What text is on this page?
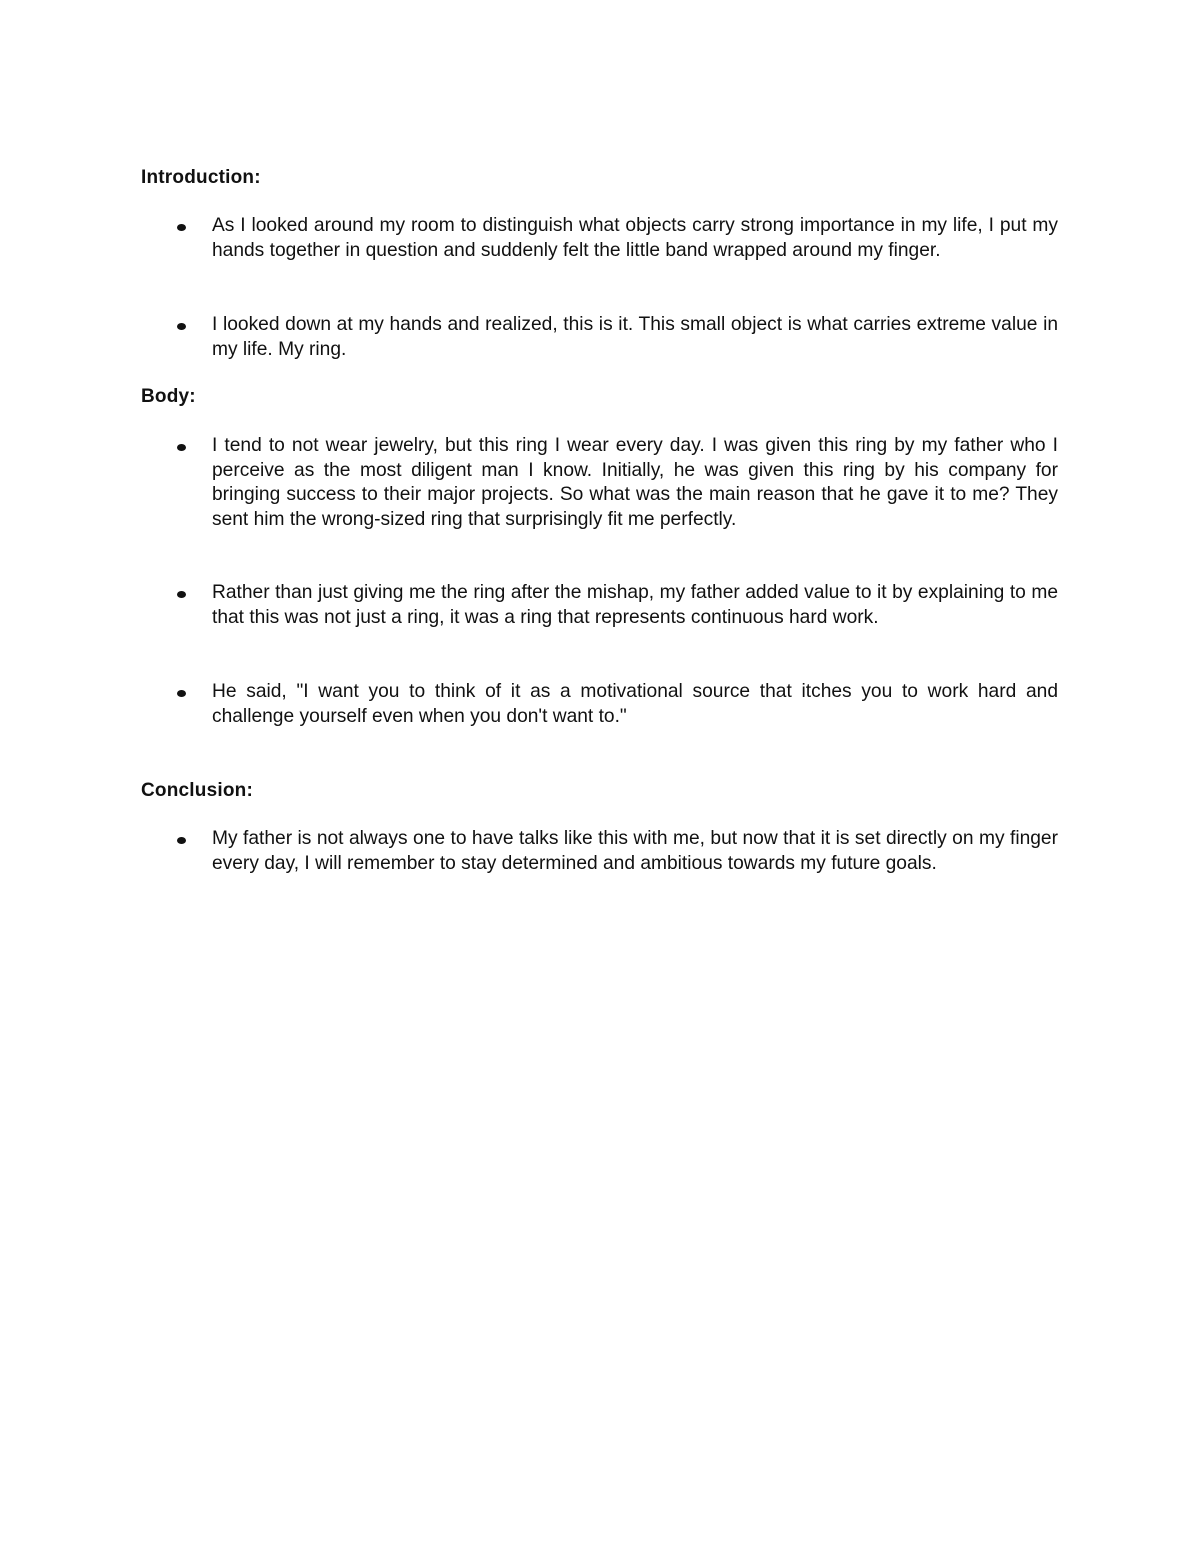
Introduction:

As I looked around my room to distinguish what objects carry strong importance in my life, I put my hands together in question and suddenly felt the little band wrapped around my finger.

I looked down at my hands and realized, this is it. This small object is what carries extreme value in my life. My ring.

Body:

I tend to not wear jewelry, but this ring I wear every day. I was given this ring by my father who I perceive as the most diligent man I know. Initially, he was given this ring by his company for bringing success to their major projects. So what was the main reason that he gave it to me? They sent him the wrong-sized ring that surprisingly fit me perfectly.

Rather than just giving me the ring after the mishap, my father added value to it by explaining to me that this was not just a ring, it was a ring that represents continuous hard work.

He said, "I want you to think of it as a motivational source that itches you to work hard and challenge yourself even when you don't want to."

Conclusion:

My father is not always one to have talks like this with me, but now that it is set directly on my finger every day, I will remember to stay determined and ambitious towards my future goals.
